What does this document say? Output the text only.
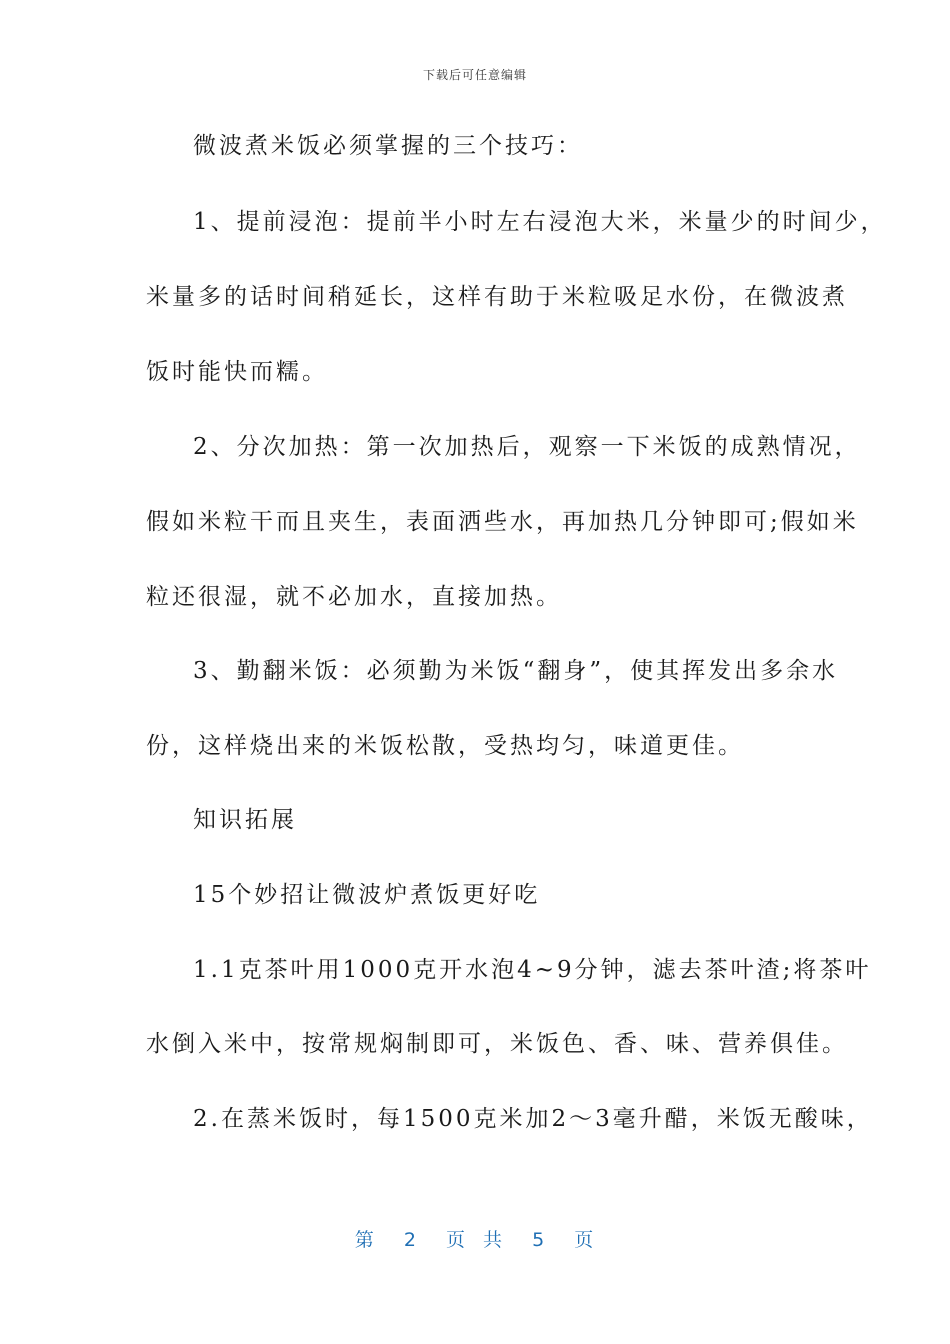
下载后可任意编辑
微波煮米饭必须掌握的三个技巧：
1、提前浸泡：提前半小时左右浸泡大米，米量少的时间少，
米量多的话时间稍延长，这样有助于米粒吸足水份，在微波煮
饭时能快而糯。
2、分次加热：第一次加热后，观察一下米饭的成熟情况，
假如米粒干而且夹生，表面洒些水，再加热几分钟即可;假如米
粒还很湿，就不必加水，直接加热。
3、勤翻米饭：必须勤为米饭“翻身”，使其挥发出多余水
份，这样烧出来的米饭松散，受热均匀，味道更佳。
知识拓展
15个妙招让微波炉煮饭更好吃
1.1克茶叶用1000克开水泡4~9分钟，滤去茶叶渣;将茶叶
水倒入米中，按常规焖制即可，米饭色、香、味、营养俱佳。
2.在蒸米饭时，每1500克米加2～3毫升醋，米饭无酸味，
第 2 页 共 5 页
